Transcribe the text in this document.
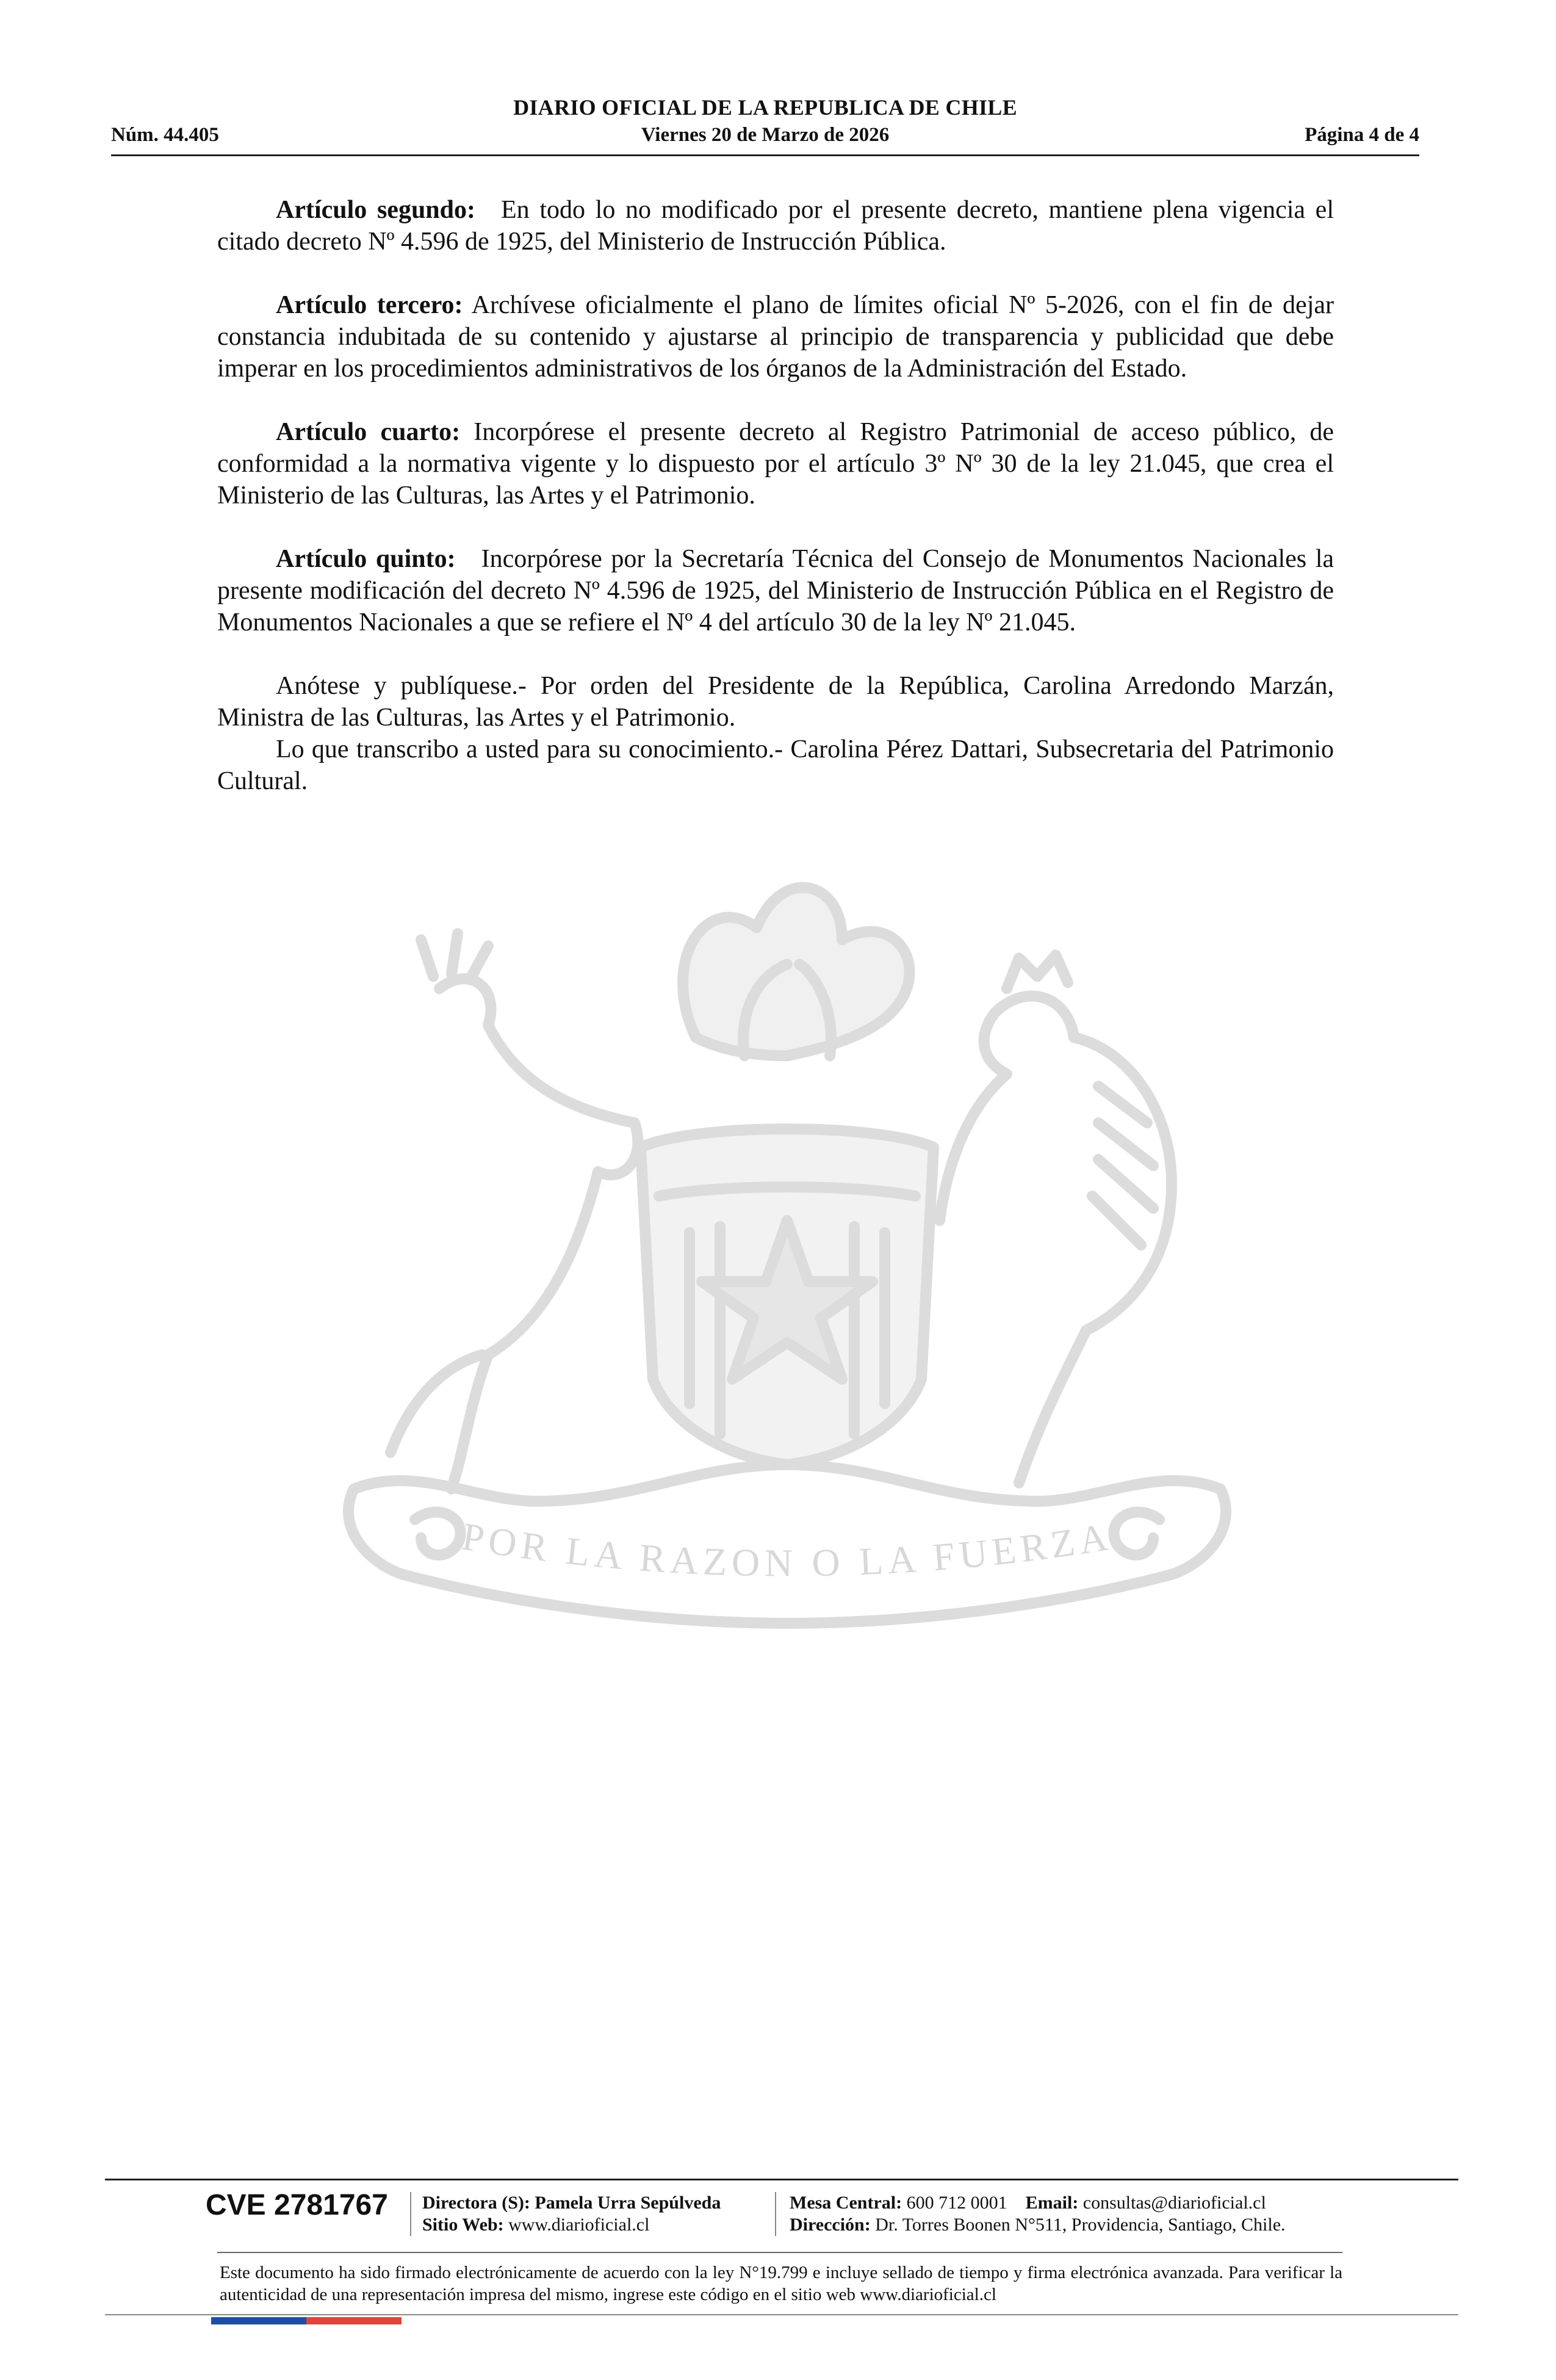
DIARIO OFICIAL DE LA REPUBLICA DE CHILE
Núm. 44.405	Viernes 20 de Marzo de 2026	Página 4 de 4
POR LA RAZON O LA FUERZA

Artículo segundo:  En todo lo no modificado por el presente decreto, mantiene plena vigencia el citado decreto Nº 4.596 de 1925, del Ministerio de Instrucción Pública.

Artículo tercero: Archívese oficialmente el plano de límites oficial Nº 5-2026, con el fin de dejar constancia indubitada de su contenido y ajustarse al principio de transparencia y publicidad que debe imperar en los procedimientos administrativos de los órganos de la Administración del Estado.

Artículo cuarto: Incorpórese el presente decreto al Registro Patrimonial de acceso público, de conformidad a la normativa vigente y lo dispuesto por el artículo 3º Nº 30 de la ley 21.045, que crea el Ministerio de las Culturas, las Artes y el Patrimonio.

Artículo quinto:  Incorpórese por la Secretaría Técnica del Consejo de Monumentos Nacionales la presente modificación del decreto Nº 4.596 de 1925, del Ministerio de Instrucción Pública en el Registro de Monumentos Nacionales a que se refiere el Nº 4 del artículo 30 de la ley Nº 21.045.

Anótese y publíquese.- Por orden del Presidente de la República, Carolina Arredondo Marzán, Ministra de las Culturas, las Artes y el Patrimonio.

Lo que transcribo a usted para su conocimiento.- Carolina Pérez Dattari, Subsecretaria del Patrimonio Cultural.

CVE 2781767 Directora (S): Pamela Urra Sepúlveda
Sitio Web: www.diarioficial.cl
Mesa Central: 600 712 0001  Email: consultas@diarioficial.cl
Dirección: Dr. Torres Boonen N°511, Providencia, Santiago, Chile.
Este documento ha sido firmado electrónicamente de acuerdo con la ley N°19.799 e incluye sellado de tiempo y firma electrónica avanzada. Para verificar la autenticidad de una representación impresa del mismo, ingrese este código en el sitio web www.diarioficial.cl
